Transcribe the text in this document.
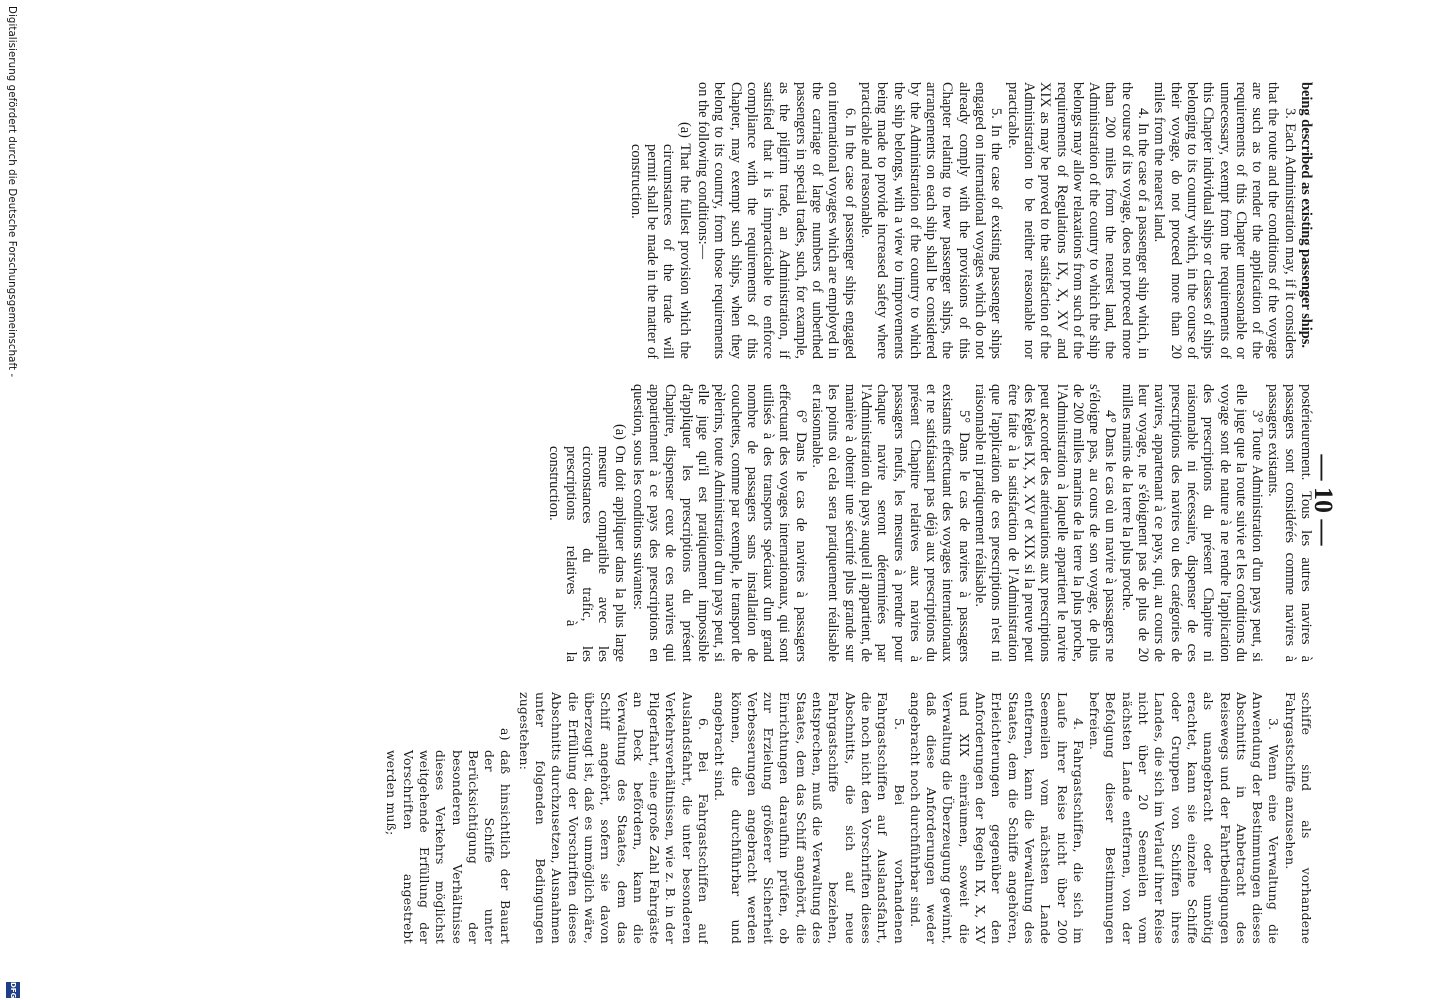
— 10 —

being described as existing passenger ships.

3. Each Administration may, if it considers that the route and the conditions of the voyage are such as to render the application of the requirements of this Chapter unreasonable or unnecessary, exempt from the requirements of this Chapter individual ships or classes of ships belonging to its country which, in the course of their voyage, do not proceed more than 20 miles from the nearest land.

4. In the case of a passenger ship which, in the course of its voyage, does not proceed more than 200 miles from the nearest land, the Administration of the country to which the ship belongs may allow relaxations from such of the requirements of Regulations IX, X, XV and XIX as may be proved to the satisfaction of the Administration to be neither reasonable nor practicable.

5. In the case of existing passenger ships engaged on international voyages which do not already comply with the provisions of this Chapter relating to new passenger ships, the arrangements on each ship shall be considered by the Administration of the country to which the ship belongs, with a view to improvements being made to provide increased safety where practicable and reasonable.

6. In the case of passenger ships engaged on international voyages which are employed in the carriage of large numbers of unberthed passengers in special trades, such, for example, as the pilgrim trade, an Administration, if satisfied that it is impracticable to enforce compliance with the requirements of this Chapter, may exempt such ships, when they belong to its country, from those requirements on the following conditions:—

(a) That the fullest provision which the circumstances of the trade will permit shall be made in the matter of construction.

postérieurement. Tous les autres navires à passagers sont considérés comme navires à passagers existants.

3° Toute Administration d'un pays peut, si elle juge que la route suivie et les conditions du voyage sont de nature à ne rendre l'application des prescriptions du présent Chapitre ni raisonnable ni nécessaire, dispenser de ces prescriptions des navires ou des catégories de navires, appartenant à ce pays, qui, au cours de leur voyage, ne s'éloignent pas de plus de 20 milles marins de la terre la plus proche.

4° Dans le cas où un navire à passagers ne s'éloigne pas, au cours de son voyage, de plus de 200 milles marins de la terre la plus proche, l'Administration à laquelle appartient le navire peut accorder des atténuations aux prescriptions des Règles IX, X, XV et XIX si la preuve peut être faite à la satisfaction de l'Administration que l'application de ces prescriptions n'est ni raisonnable ni pratiquement réalisable.

5° Dans le cas de navires à passagers existants effectuant des voyages internationaux et ne satisfaisant pas déjà aux prescriptions du présent Chapitre relatives aux navires à passagers neufs, les mesures à prendre pour chaque navire seront déterminées par l'Administration du pays auquel il appartient, de manière à obtenir une sécurité plus grande sur les points où cela sera pratiquement réalisable et raisonnable.

6° Dans le cas de navires à passagers effectuant des voyages internationaux, qui sont utilisés à des transports spéciaux d'un grand nombre de passagers sans installation de couchettes, comme par exemple, le transport de pèlerins, toute Administration d'un pays peut, si elle juge qu'il est pratiquement impossible d'appliquer les prescriptions du présent Chapitre, dispenser ceux de ces navires qui appartiennent à ce pays des prescriptions en question, sous les conditions suivantes:

(a) On doit appliquer dans la plus large mesure compatible avec les circonstances du trafic, les prescriptions relatives à la construction.

schiffe sind als vorhandene Fahrgastschiffe anzusehen.

3. Wenn eine Verwaltung die Anwendung der Bestimmungen dieses Abschnitts in Anbetracht des Reisewegs und der Fahrtbedingungen als unangebracht oder unnötig erachtet, kann sie einzelne Schiffe oder Gruppen von Schiffen ihres Landes, die sich im Verlauf ihrer Reise nicht über 20 Seemeilen vom nächsten Lande entfernen, von der Befolgung dieser Bestimmungen befreien.

4. Fahrgastschiffen, die sich im Laufe ihrer Reise nicht über 200 Seemeilen vom nächsten Lande entfernen, kann die Verwaltung des Staates, dem die Schiffe angehören, Erleichterungen gegenüber den Anforderungen der Regeln IX, X, XV und XIX einräumen, soweit die Verwaltung die Überzeugung gewinnt, daß diese Anforderungen weder angebracht noch durchführbar sind.

5. Bei vorhandenen Fahrgastschiffen auf Auslandsfahrt, die noch nicht den Vorschriften dieses Abschnitts, die sich auf neue Fahrgastschiffe beziehen, entsprechen, muß die Verwaltung des Staates, dem das Schiff angehört, die Einrichtungen daraufhin prüfen, ob zur Erzielung größerer Sicherheit Verbesserungen angebracht werden können, die durchführbar und angebracht sind.

6. Bei Fahrgastschiffen auf Auslandsfahrt, die unter besonderen Verkehrsverhältnissen, wie z. B. in der Pilgerfahrt, eine große Zahl Fahrgäste an Deck befördern, kann die Verwaltung des Staates, dem das Schiff angehört, sofern sie davon überzeugt ist, daß es unmöglich wäre, die Erfüllung der Vorschriften dieses Abschnitts durchzusetzen, Ausnahmen unter folgenden Bedingungen zugestehen:

a) daß hinsichtlich der Bauart der Schiffe unter Berücksichtigung der besonderen Verhältnisse dieses Verkehrs möglichst weitgehende Erfüllung der Vorschriften angestrebt werden muß;

Digitalisierung gefördert durch die Deutsche Forschungsgemeinschaft -
DFG
